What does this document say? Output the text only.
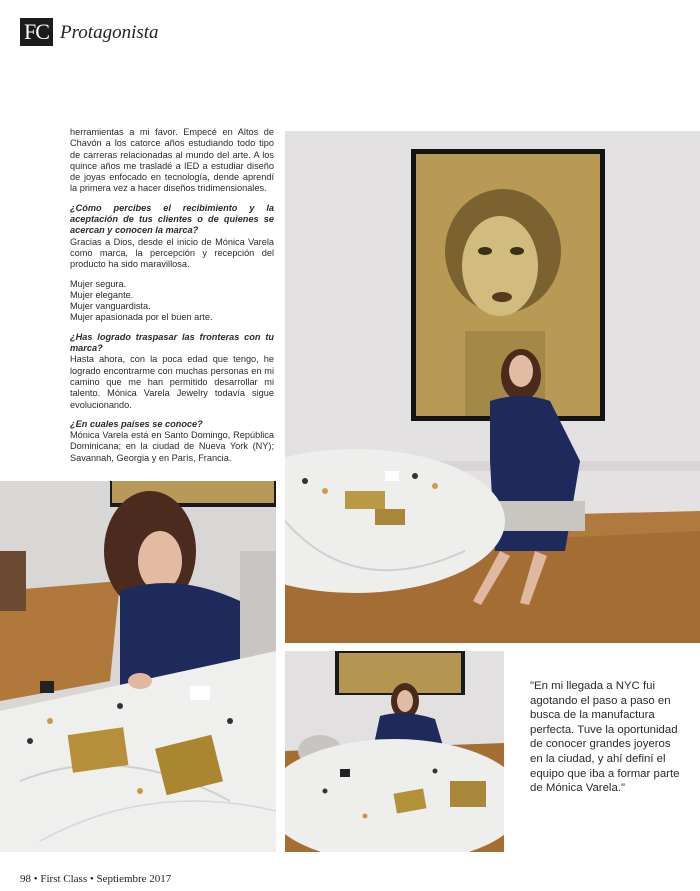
FC Protagonista

herramientas a mi favor. Empecé en Altos de Chavón a los catorce años estudiando todo tipo de carreras relacionadas al mundo del arte. A los quince años me trasladé a IED a estudiar diseño de joyas enfocado en tecnología, dende aprendí la primera vez a hacer diseños tridimensionales.

¿Cómo percibes el recibimiento y la aceptación de tus clientes o de quienes se acercan y conocen la marca?

Gracias a Dios, desde el inicio de Mónica Varela como marca, la percepción y recepción del producto ha sido maravillosa.

Mujer segura.
Mujer elegante.
Mujer vanguardista.
Mujer apasionada por el buen arte.

¿Has logrado traspasar las fronteras con tu marca?

Hasta ahora, con la poca edad que tengo, he logrado encontrarme con muchas personas en mi camino que me han permitido desarrollar mi talento. Mónica Varela Jewelry todavía sigue evolucionando.

¿En cuales países se conoce?

Mónica Varela está en Santo Domingo, República Dominicana; en la ciudad de Nueva York (NY); Savannah, Georgia y en París, Francia.

"En mi llegada a NYC fui agotando el paso a paso en busca de la manufactura perfecta. Tuve la oportunidad de conocer grandes joyeros en la ciudad, y ahí definí el equipo que iba a formar parte de Mónica Varela."
98 • First Class • Septiembre 2017
